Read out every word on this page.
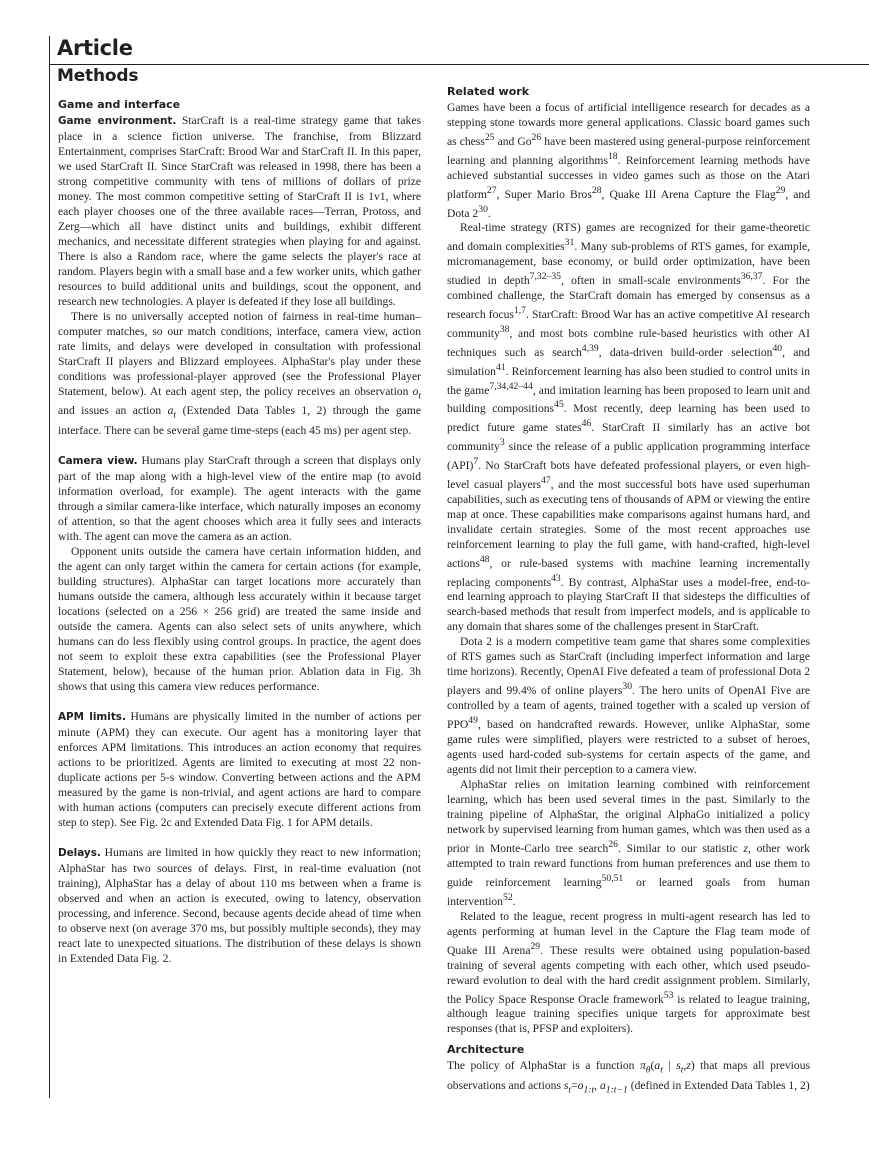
Article
Methods
Game and interface

Game environment. StarCraft is a real-time strategy game that takes place in a science fiction universe. The franchise, from Blizzard Entertainment, comprises StarCraft: Brood War and StarCraft II. In this paper, we used StarCraft II. Since StarCraft was released in 1998, there has been a strong competitive community with tens of millions of dollars of prize money. The most common competitive setting of StarCraft II is 1v1, where each player chooses one of the three available races—Terran, Protoss, and Zerg—which all have distinct units and buildings, exhibit different mechanics, and necessitate different strategies when playing for and against. There is also a Random race, where the game selects the player's race at random. Players begin with a small base and a few worker units, which gather resources to build additional units and buildings, scout the opponent, and research new technologies. A player is defeated if they lose all buildings.

There is no universally accepted notion of fairness in real-time human–computer matches, so our match conditions, interface, camera view, action rate limits, and delays were developed in consultation with professional StarCraft II players and Blizzard employees. AlphaStar's play under these conditions was professional-player approved (see the Professional Player Statement, below). At each agent step, the policy receives an observation $o_t$ and issues an action $a_t$ (Extended Data Tables 1, 2) through the game interface. There can be several game time-steps (each 45 ms) per agent step.

Camera view. Humans play StarCraft through a screen that displays only part of the map along with a high-level view of the entire map (to avoid information overload, for example). The agent interacts with the game through a similar camera-like interface, which naturally imposes an economy of attention, so that the agent chooses which area it fully sees and interacts with. The agent can move the camera as an action.

Opponent units outside the camera have certain information hidden, and the agent can only target within the camera for certain actions (for example, building structures). AlphaStar can target locations more accurately than humans outside the camera, although less accurately within it because target locations (selected on a 256 × 256 grid) are treated the same inside and outside the camera. Agents can also select sets of units anywhere, which humans can do less flexibly using control groups. In practice, the agent does not seem to exploit these extra capabilities (see the Professional Player Statement, below), because of the human prior. Ablation data in Fig. 3h shows that using this camera view reduces performance.

APM limits. Humans are physically limited in the number of actions per minute (APM) they can execute. Our agent has a monitoring layer that enforces APM limitations. This introduces an action economy that requires actions to be prioritized. Agents are limited to executing at most 22 non-duplicate actions per 5-s window. Converting between actions and the APM measured by the game is non-trivial, and agent actions are hard to compare with human actions (computers can precisely execute different actions from step to step). See Fig. 2c and Extended Data Fig. 1 for APM details.

Delays. Humans are limited in how quickly they react to new information; AlphaStar has two sources of delays. First, in real-time evaluation (not training), AlphaStar has a delay of about 110 ms between when a frame is observed and when an action is executed, owing to latency, observation processing, and inference. Second, because agents decide ahead of time when to observe next (on average 370 ms, but possibly multiple seconds), they may react late to unexpected situations. The distribution of these delays is shown in Extended Data Fig. 2.

Related work

Games have been a focus of artificial intelligence research for decades as a stepping stone towards more general applications. Classic board games such as chess$^{25}$ and Go$^{26}$ have been mastered using general-purpose reinforcement learning and planning algorithms$^{18}$. Reinforcement learning methods have achieved substantial successes in video games such as those on the Atari platform$^{27}$, Super Mario Bros$^{28}$, Quake III Arena Capture the Flag$^{29}$, and Dota $2^{30}$.

Real-time strategy (RTS) games are recognized for their game-theoretic and domain complexities$^{31}$. Many sub-problems of RTS games, for example, micromanagement, base economy, or build order optimization, have been studied in depth$^{7,32-35}$, often in small-scale environments$^{36,37}$. For the combined challenge, the StarCraft domain has emerged by consensus as a research focus$^{1,7}$. StarCraft: Brood War has an active competitive AI research community$^{38}$, and most bots combine rule-based heuristics with other AI techniques such as search$^{4,39}$, data-driven build-order selection$^{40}$, and simulation$^{41}$. Reinforcement learning has also been studied to control units in the game$^{7,34,42-44}$, and imitation learning has been proposed to learn unit and building compositions$^{45}$. Most recently, deep learning has been used to predict future game states$^{46}$. StarCraft II similarly has an active bot community$^3$ since the release of a public application programming interface (API)$^7$. No StarCraft bots have defeated professional players, or even high-level casual players$^{47}$, and the most successful bots have used superhuman capabilities, such as executing tens of thousands of APM or viewing the entire map at once. These capabilities make comparisons against humans hard, and invalidate certain strategies. Some of the most recent approaches use reinforcement learning to play the full game, with hand-crafted, high-level actions$^{48}$, or rule-based systems with machine learning incrementally replacing components$^{43}$. By contrast, AlphaStar uses a model-free, end-to-end learning approach to playing StarCraft II that sidesteps the difficulties of search-based methods that result from imperfect models, and is applicable to any domain that shares some of the challenges present in StarCraft.

Dota 2 is a modern competitive team game that shares some complexities of RTS games such as StarCraft (including imperfect information and large time horizons). Recently, OpenAI Five defeated a team of professional Dota 2 players and 99.4% of online players$^{30}$. The hero units of OpenAI Five are controlled by a team of agents, trained together with a scaled up version of PPO$^{49}$, based on handcrafted rewards. However, unlike AlphaStar, some game rules were simplified, players were restricted to a subset of heroes, agents used hard-coded sub-systems for certain aspects of the game, and agents did not limit their perception to a camera view.

AlphaStar relies on imitation learning combined with reinforcement learning, which has been used several times in the past. Similarly to the training pipeline of AlphaStar, the original AlphaGo initialized a policy network by supervised learning from human games, which was then used as a prior in Monte-Carlo tree search$^{26}$. Similar to our statistic z, other work attempted to train reward functions from human preferences and use them to guide reinforcement learning$^{50,51}$ or learned goals from human intervention$^{52}$.

Related to the league, recent progress in multi-agent research has led to agents performing at human level in the Capture the Flag team mode of Quake III Arena$^{29}$. These results were obtained using population-based training of several agents competing with each other, which used pseudo-reward evolution to deal with the hard credit assignment problem. Similarly, the Policy Space Response Oracle framework$^{53}$ is related to league training, although league training specifies unique targets for approximate best responses (that is, PFSP and exploiters).

Architecture

The policy of AlphaStar is a function $\pi_\theta(a_t$ | $s_t,z$) that maps all previous observations and actions $s_t=o_{1:t}$, $a_{1:t-1}$ (defined in Extended Data Tables 1, 2)
